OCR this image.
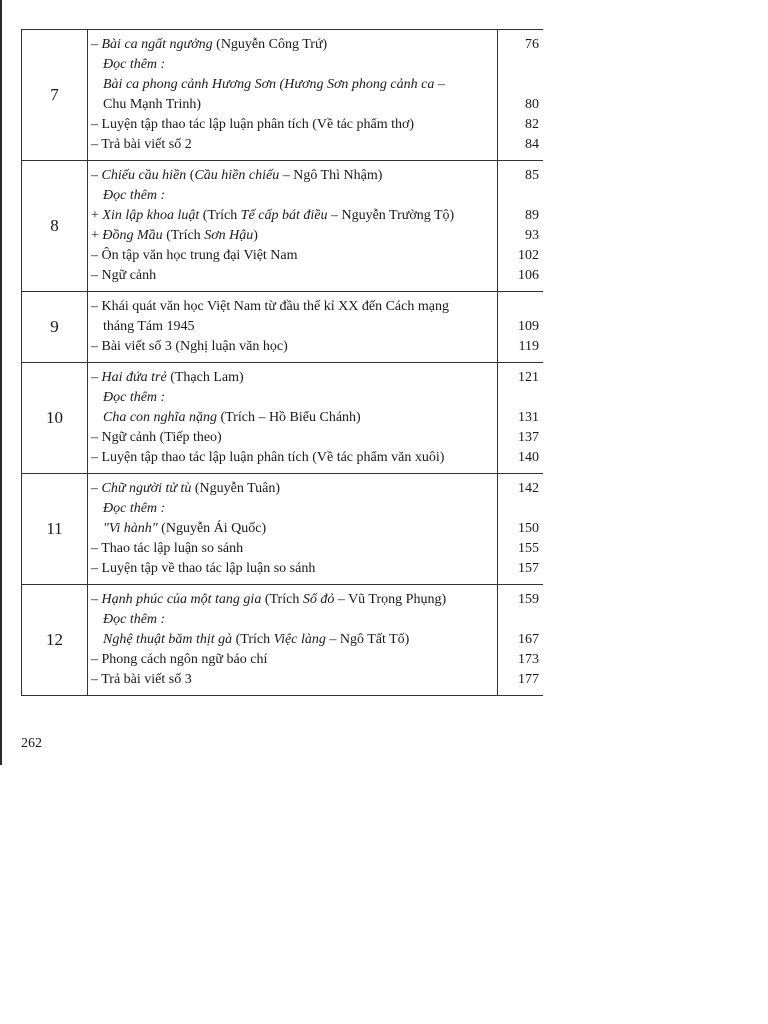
7
– Bài ca ngất ngưởng (Nguyễn Công Trứ)
Đọc thêm :
Bài ca phong cảnh Hương Sơn (Hương Sơn phong cảnh ca –
Chu Mạnh Trinh)
– Luyện tập thao tác lập luận phân tích (Về tác phẩm thơ)
– Trả bài viết số 2
76
80
82
84
8
– Chiếu cầu hiền (Cầu hiền chiếu – Ngô Thì Nhậm)
Đọc thêm :
+ Xin lập khoa luật (Trích Tế cấp bát điều – Nguyễn Trường Tộ)
+ Đồng Mầu (Trích Sơn Hậu)
– Ôn tập văn học trung đại Việt Nam
– Ngữ cảnh
85
89
93
102
106
9
– Khái quát văn học Việt Nam từ đầu thế kỉ XX đến Cách mạng
tháng Tám 1945
– Bài viết số 3 (Nghị luận văn học)
109
119
10
– Hai đứa trẻ (Thạch Lam)
Đọc thêm :
Cha con nghĩa nặng (Trích – Hồ Biểu Chánh)
– Ngữ cảnh (Tiếp theo)
– Luyện tập thao tác lập luận phân tích (Về tác phẩm văn xuôi)
121
131
137
140
11
– Chữ người tử tù (Nguyễn Tuân)
Đọc thêm :
"Vi hành" (Nguyễn Ái Quốc)
– Thao tác lập luận so sánh
– Luyện tập về thao tác lập luận so sánh
142
150
155
157
12
– Hạnh phúc của một tang gia (Trích Số đỏ – Vũ Trọng Phụng)
Đọc thêm :
Nghệ thuật băm thịt gà (Trích Việc làng – Ngô Tất Tố)
– Phong cách ngôn ngữ báo chí
– Trả bài viết số 3
159
167
173
177
262
